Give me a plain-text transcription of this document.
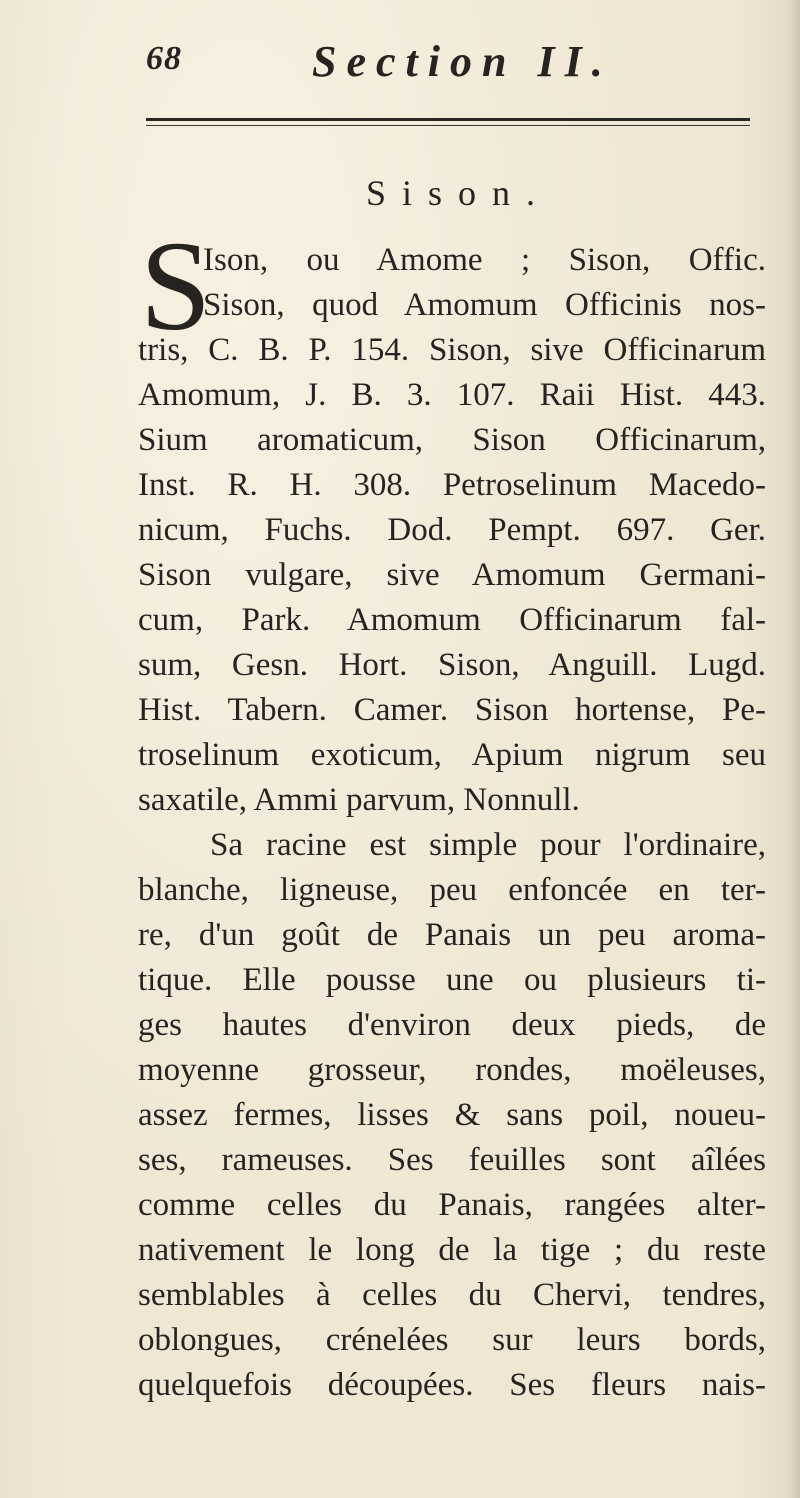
68	Section II.
Sison.
S
Ison, ou Amome ; Sison, Offic.
Sison, quod Amomum Officinis nos-
tris, C. B. P. 154. Sison, sive Officinarum
Amomum, J. B. 3. 107. Raii Hist. 443.
Sium aromaticum, Sison Officinarum,
Inst. R. H. 308. Petroselinum Macedo-
nicum, Fuchs. Dod. Pempt. 697. Ger.
Sison vulgare, sive Amomum Germani-
cum, Park. Amomum Officinarum fal-
sum, Gesn. Hort. Sison, Anguill. Lugd.
Hist. Tabern. Camer. Sison hortense, Pe-
troselinum exoticum, Apium nigrum seu
saxatile, Ammi parvum, Nonnull.
Sa racine est simple pour l'ordinaire,
blanche, ligneuse, peu enfoncée en ter-
re, d'un goût de Panais un peu aroma-
tique. Elle pousse une ou plusieurs ti-
ges hautes d'environ deux pieds, de
moyenne grosseur, rondes, moëleuses,
assez fermes, lisses & sans poil, noueu-
ses, rameuses. Ses feuilles sont aîlées
comme celles du Panais, rangées alter-
nativement le long de la tige ; du reste
semblables à celles du Chervi, tendres,
oblongues, crénelées sur leurs bords,
quelquefois découpées. Ses fleurs nais-
